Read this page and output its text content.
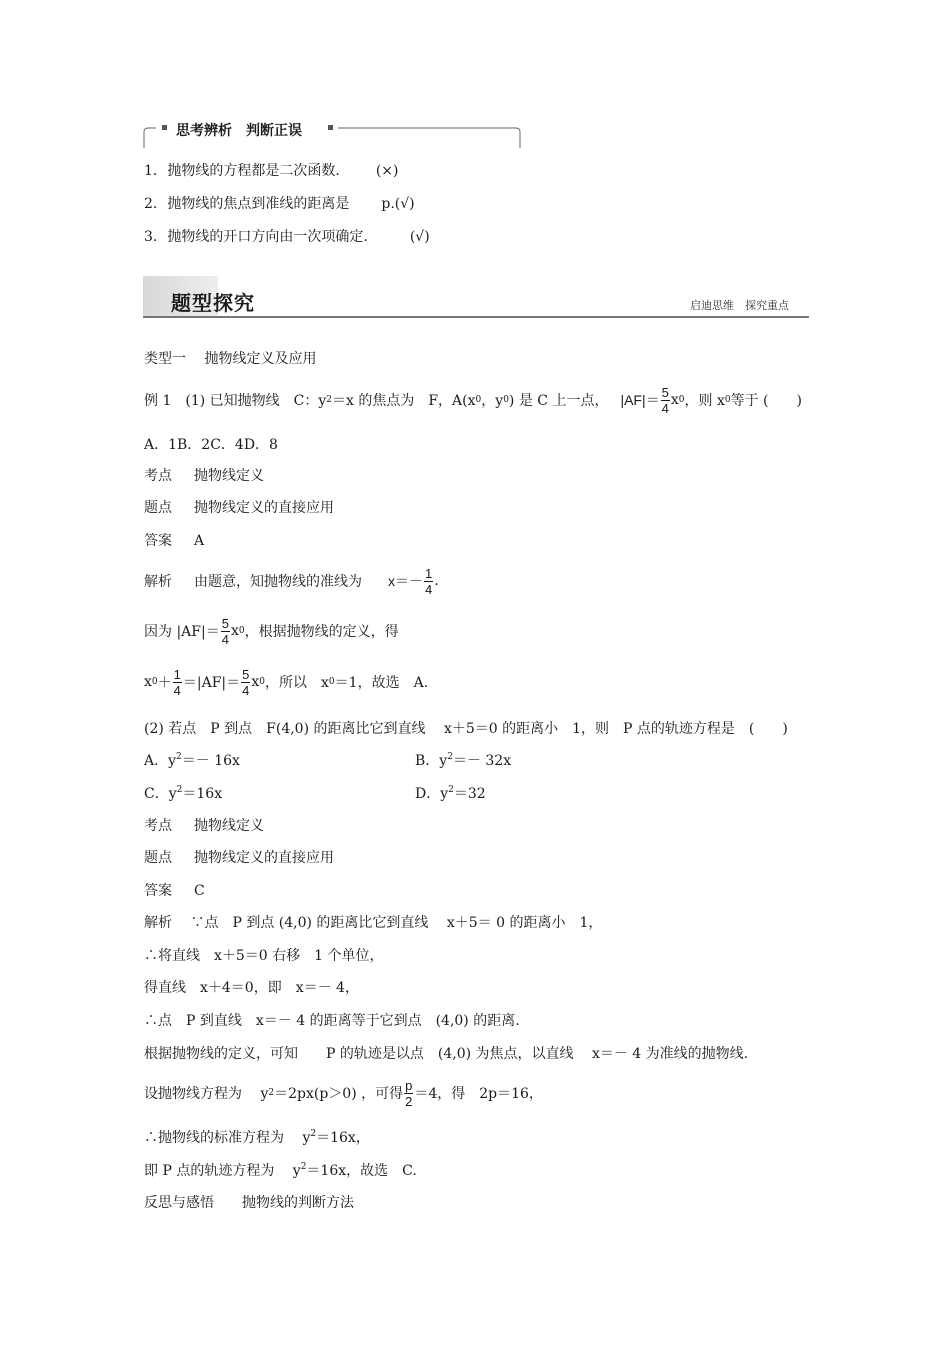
思考辨析　判断正误
1. 抛物线的方程都是二次函数.	(×)
2. 抛物线的焦点到准线的距离是 p.(√)
3. 抛物线的开口方向由一次项确定.	(√)
题型探究	启迪思维　探究重点
类型一　 抛物线定义及应用
例 1　(1) 已知抛物线　C：y 2 ＝x 的焦点为　F，A(x 0 ，y 0 ) 是 C 上一点， $|AF|= \frac{5}{4}$ x 0 ，则 x 0 等于 (　　)
A．1B．2C．4D．8
考点 抛物线定义
题点 抛物线定义的直接应用
答案 A
解析 由题意，知抛物线的准线为 $x=- \frac{1}{4}$ .
因为 $|AF|= \frac{5}{4}$ x 0 ，根据抛物线的定义，得
x $0 + \frac{1}{4} =|AF|= \frac{5}{4}$ x 0 ，所以　x 0 ＝1，故选　A.
(2) 若点　P 到点　F(4,0) 的距离比它到直线　 x＋5＝0 的距离小　1，则　P 点的轨迹方程是　(　　)
A．$y^2=- 16x$	B．$y^2=- 32x$
C．$y^2=16x$	D．$y^2=32$
考点 抛物线定义
题点 抛物线定义的直接应用
答案 C
解析　 ∵点　P 到点 (4,0) 的距离比它到直线　 x＋5＝ 0 的距离小　1，
∴将直线　x＋5＝0 右移　1 个单位，
得直线　x＋4＝0，即　x＝－ 4，
∴点　P 到直线　x＝－ 4 的距离等于它到点　(4,0) 的距离.
根据抛物线的定义，可知　　P 的轨迹是以点　(4,0) 为焦点，以直线　 x＝－ 4 为准线的抛物线.
设抛物线方程为　 y 2 ＝2px(p＞0) ，可得 $\frac{p}{2} =4$，得　2p＝16，
∴抛物线的标准方程为　 $y^2=16x$，
即 P 点的轨迹方程为　 $y^2=16x$，故选　C.
反思与感悟 抛物线的判断方法
